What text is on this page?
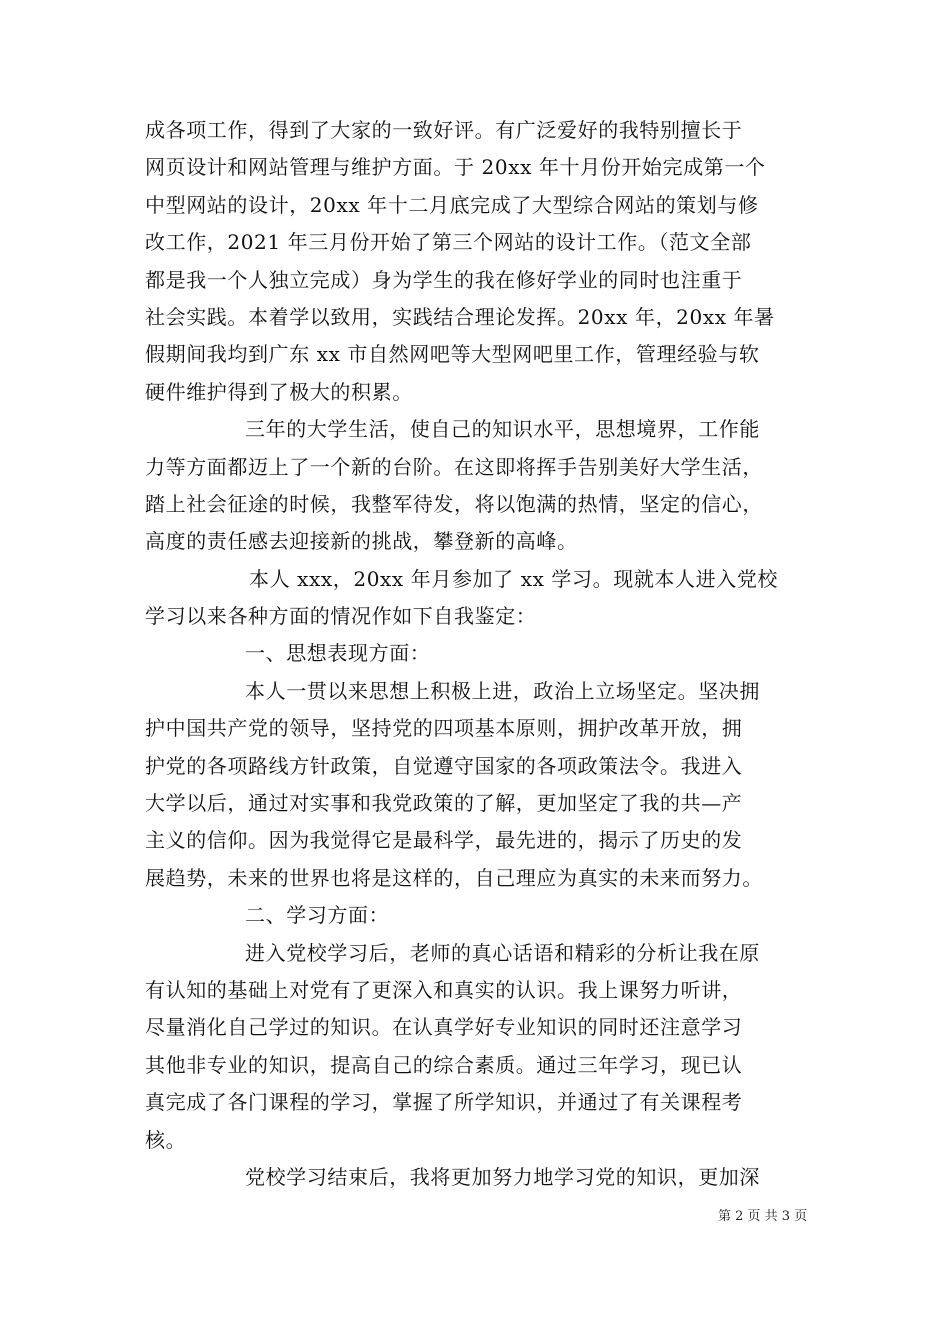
成各项工作，得到了大家的一致好评。有广泛爱好的我特别擅长于
网页设计和网站管理与维护方面。于 20xx 年十月份开始完成第一个
中型网站的设计，20xx 年十二月底完成了大型综合网站的策划与修
改工作，2021 年三月份开始了第三个网站的设计工作。（范文全部
都是我一个人独立完成）身为学生的我在修好学业的同时也注重于
社会实践。本着学以致用，实践结合理论发挥。20xx 年，20xx 年暑
假期间我均到广东 xx 市自然网吧等大型网吧里工作，管理经验与软
硬件维护得到了极大的积累。
三年的大学生活，使自己的知识水平，思想境界，工作能
力等方面都迈上了一个新的台阶。在这即将挥手告别美好大学生活，
踏上社会征途的时候，我整军待发，将以饱满的热情，坚定的信心，
高度的责任感去迎接新的挑战，攀登新的高峰。
本人 xxx，20xx 年月参加了 xx 学习。现就本人进入党校
学习以来各种方面的情况作如下自我鉴定：
一、思想表现方面：
本人一贯以来思想上积极上进，政治上立场坚定。坚决拥
护中国共产党的领导，坚持党的四项基本原则，拥护改革开放，拥
护党的各项路线方针政策，自觉遵守国家的各项政策法令。我进入
大学以后，通过对实事和我党政策的了解，更加坚定了我的共—产
主义的信仰。因为我觉得它是最科学，最先进的，揭示了历史的发
展趋势，未来的世界也将是这样的，自己理应为真实的未来而努力。
二、学习方面：
进入党校学习后，老师的真心话语和精彩的分析让我在原
有认知的基础上对党有了更深入和真实的认识。我上课努力听讲，
尽量消化自己学过的知识。在认真学好专业知识的同时还注意学习
其他非专业的知识，提高自己的综合素质。通过三年学习，现已认
真完成了各门课程的学习，掌握了所学知识，并通过了有关课程考
核。
党校学习结束后，我将更加努力地学习党的知识，更加深
第 2 页 共 3 页
